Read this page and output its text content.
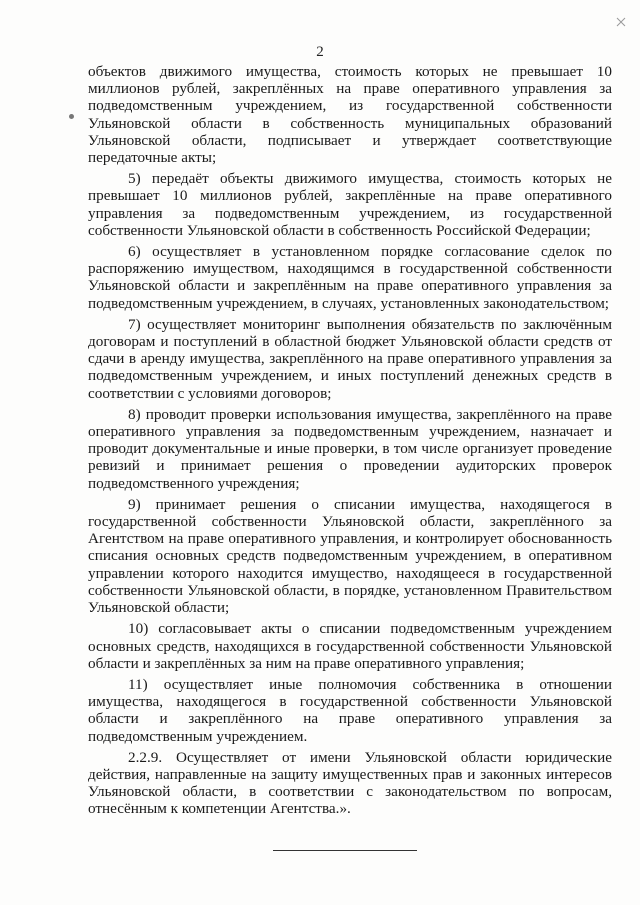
2

объектов движимого имущества, стоимость которых не превышает 10 миллионов рублей, закреплённых на праве оперативного управления за подведомственным учреждением, из государственной собственности Ульяновской области в собственность муниципальных образований Ульяновской области, подписывает и утверждает соответствующие передаточные акты;

5) передаёт объекты движимого имущества, стоимость которых не превышает 10 миллионов рублей, закреплённые на праве оперативного управления за подведомственным учреждением, из государственной собственности Ульяновской области в собственность Российской Федерации;

6) осуществляет в установленном порядке согласование сделок по распоряжению имуществом, находящимся в государственной собственности Ульяновской области и закреплённым на праве оперативного управления за подведомственным учреждением, в случаях, установленных законодательством;

7) осуществляет мониторинг выполнения обязательств по заключённым договорам и поступлений в областной бюджет Ульяновской области средств от сдачи в аренду имущества, закреплённого на праве оперативного управления за подведомственным учреждением, и иных поступлений денежных средств в соответствии с условиями договоров;

8) проводит проверки использования имущества, закреплённого на праве оперативного управления за подведомственным учреждением, назначает и проводит документальные и иные проверки, в том числе организует проведение ревизий и принимает решения о проведении аудиторских проверок подведомственного учреждения;

9) принимает решения о списании имущества, находящегося в государственной собственности Ульяновской области, закреплённого за Агентством на праве оперативного управления, и контролирует обоснованность списания основных средств подведомственным учреждением, в оперативном управлении которого находится имущество, находящееся в государственной собственности Ульяновской области, в порядке, установленном Правительством Ульяновской области;

10) согласовывает акты о списании подведомственным учреждением основных средств, находящихся в государственной собственности Ульяновской области и закреплённых за ним на праве оперативного управления;

11) осуществляет иные полномочия собственника в отношении имущества, находящегося в государственной собственности Ульяновской области и закреплённого на праве оперативного управления за подведомственным учреждением.

2.2.9. Осуществляет от имени Ульяновской области юридические действия, направленные на защиту имущественных прав и законных интересов Ульяновской области, в соответствии с законодательством по вопросам, отнесённым к компетенции Агентства.».
